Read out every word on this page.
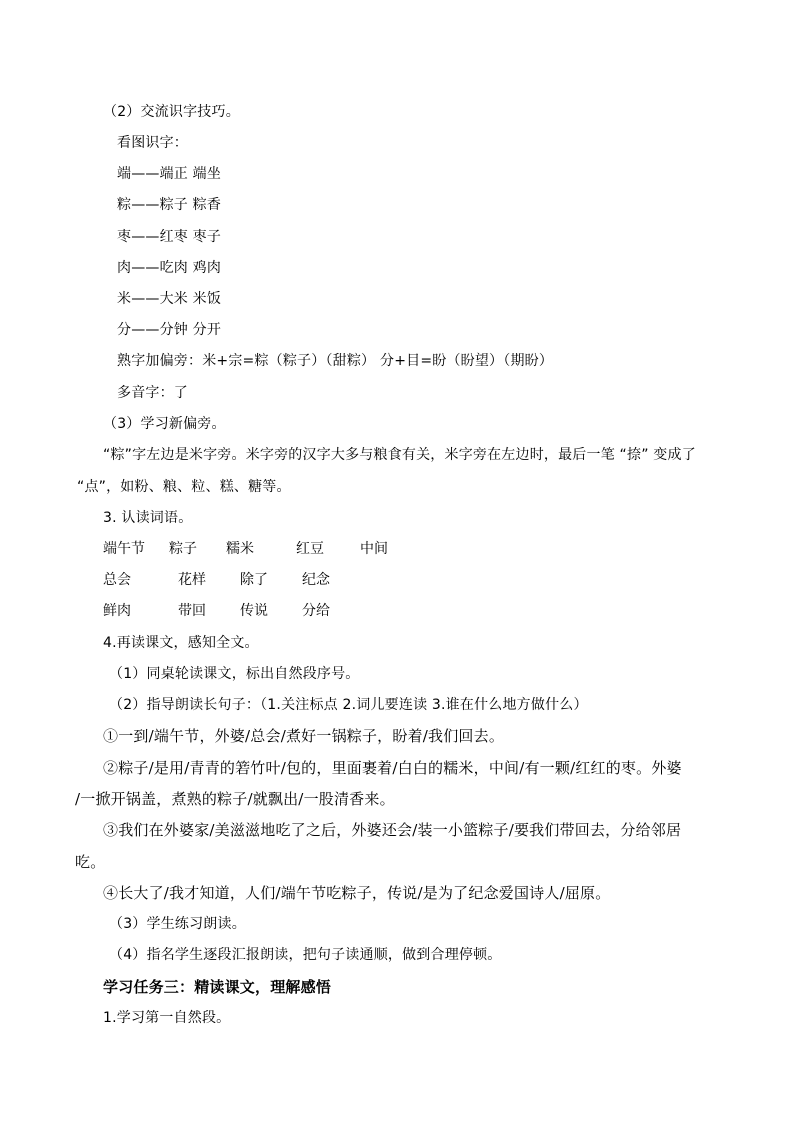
（2）交流识字技巧。
看图识字：
端——端正 端坐
粽——粽子 粽香
枣——红枣 枣子
肉——吃肉 鸡肉
米——大米 米饭
分——分钟 分开
熟字加偏旁：米+宗=粽（粽子）（甜粽） 分+目=盼（盼望）（期盼）
多音字：了
（3）学习新偏旁。
“粽”字左边是米字旁。米字旁的汉字大多与粮食有关，米字旁在左边时，最后一笔 “捺” 变成了
“点”，如粉、粮、粒、糕、糖等。
3. 认读词语。
端午节 粽子 糯米	红豆	中间
总会	花样 除了 纪念
鲜肉	带回 传说 分给
4.再读课文，感知全文。
（1）同桌轮读课文，标出自然段序号。
（2）指导朗读长句子：（1.关注标点 2.词儿要连读 3.谁在什么地方做什么）
①一到/端午节，外婆/总会/煮好一锅粽子，盼着/我们回去。
②粽子/是用/青青的箬竹叶/包的，里面裹着/白白的糯米，中间/有一颗/红红的枣。外婆
/一掀开锅盖，煮熟的粽子/就飘出/一股清香来。
③我们在外婆家/美滋滋地吃了之后，外婆还会/装一小篮粽子/要我们带回去，分给邻居
吃。
④长大了/我才知道，人们/端午节吃粽子，传说/是为了纪念爱国诗人/屈原。
（3）学生练习朗读。
（4）指名学生逐段汇报朗读，把句子读通顺，做到合理停顿。
学习任务三：精读课文，理解感悟
1.学习第一自然段。
